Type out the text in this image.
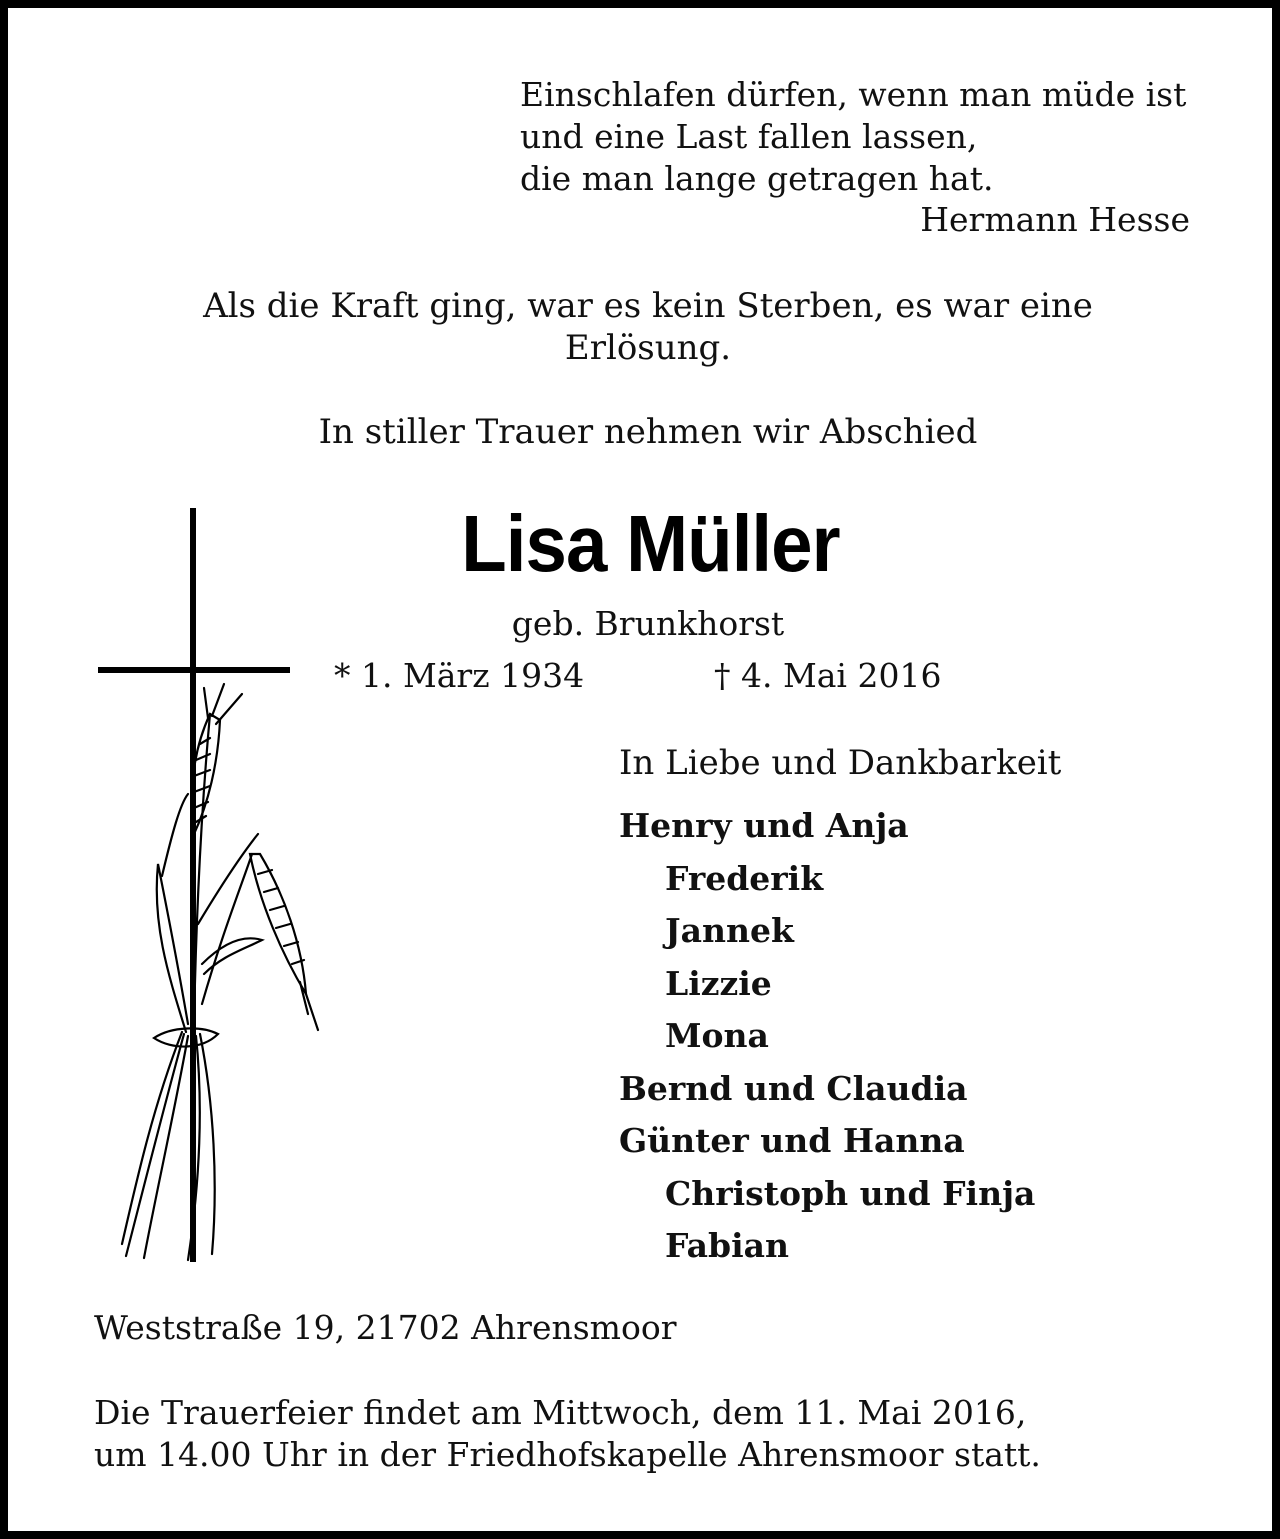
Einschlafen dürfen, wenn man müde ist
und eine Last fallen lassen,
die man lange getragen hat.
Hermann Hesse
Als die Kraft ging, war es kein Sterben, es war eine
Erlösung.
In stiller Trauer nehmen wir Abschied
Lisa Müller
geb. Brunkhorst
* 1. März 1934	† 4. Mai 2016
In Liebe und Dankbarkeit
Henry und Anja
Frederik
Jannek
Lizzie
Mona
Bernd und Claudia
Günter und Hanna
Christoph und Finja
Fabian
Weststraße 19, 21702 Ahrensmoor
Die Trauerfeier findet am Mittwoch, dem 11. Mai 2016,
um 14.00 Uhr in der Friedhofskapelle Ahrensmoor statt.
